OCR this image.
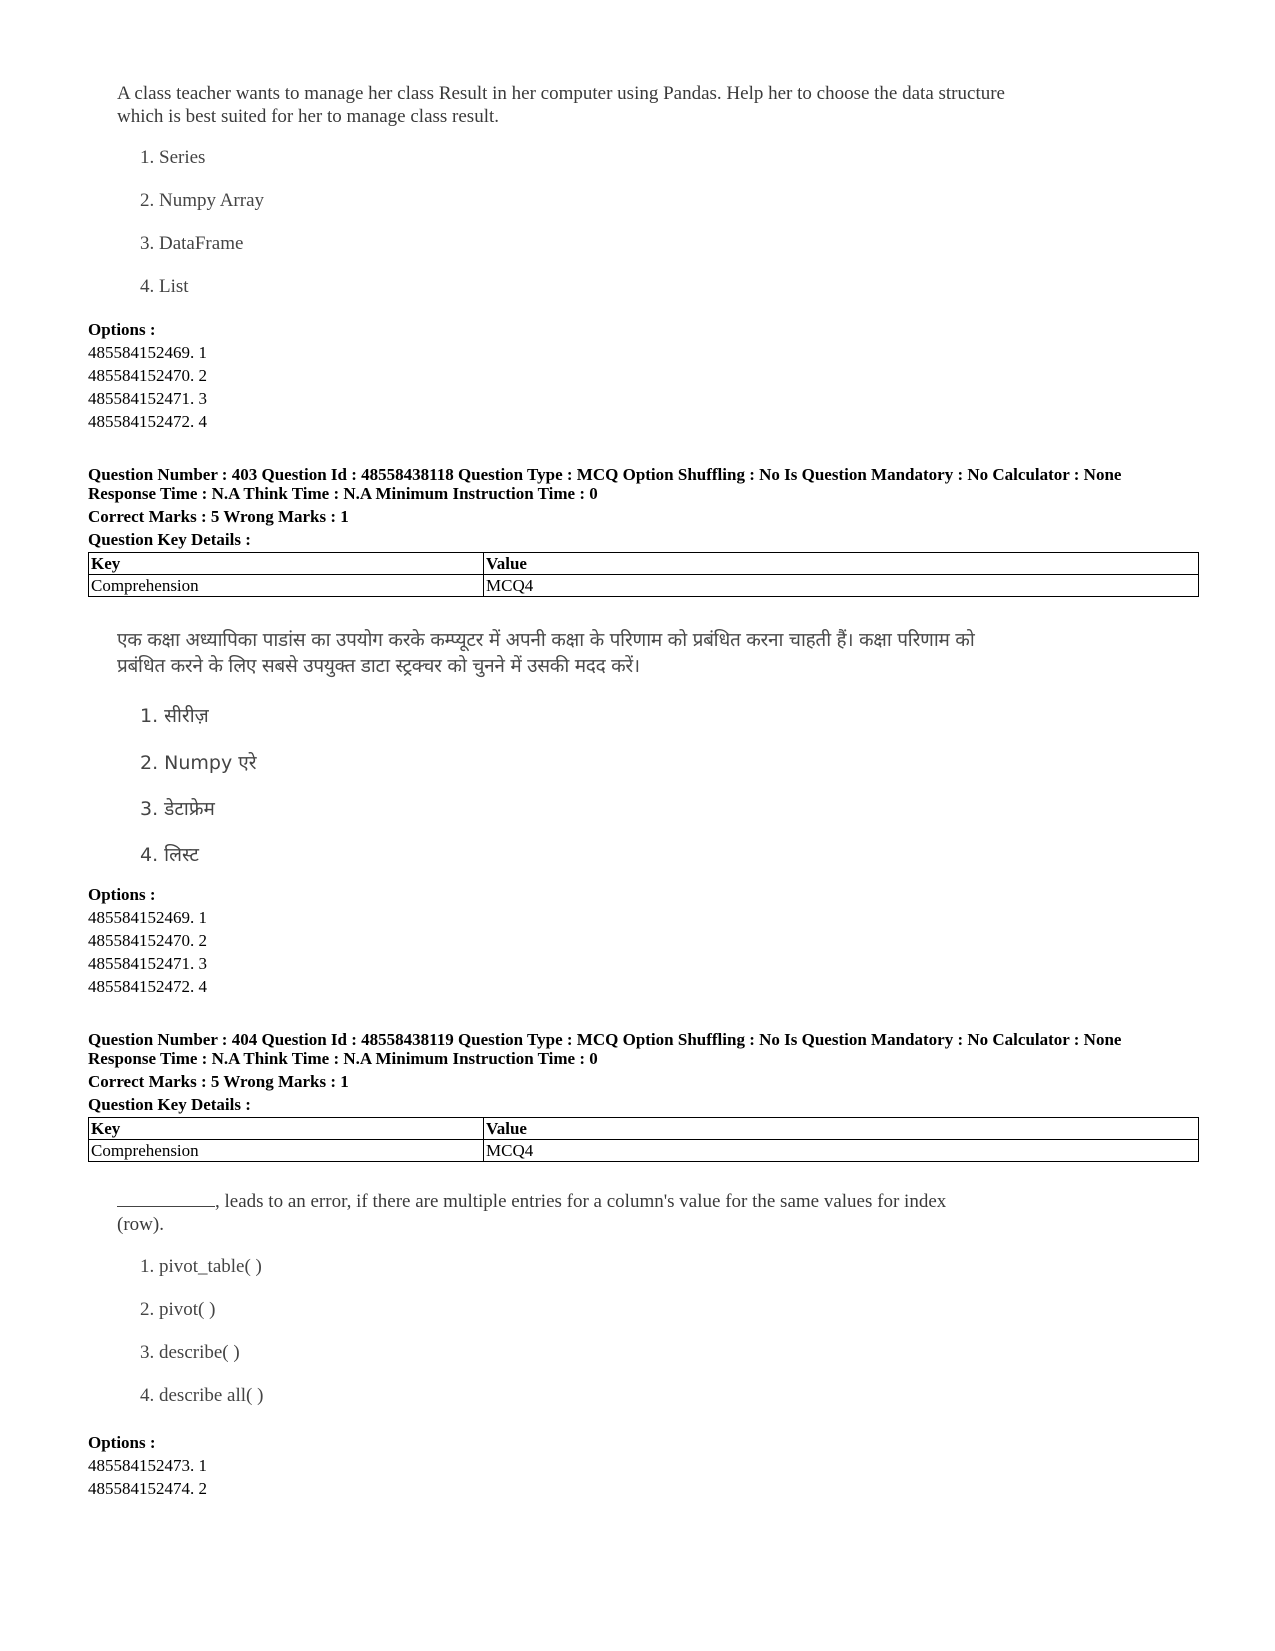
A class teacher wants to manage her class Result in her computer using Pandas. Help her to choose the data structure which is best suited for her to manage class result.
1. Series
2. Numpy Array
3. DataFrame
4. List
Options :
485584152469. 1
485584152470. 2
485584152471. 3
485584152472. 4
Question Number : 403 Question Id : 48558438118 Question Type : MCQ Option Shuffling : No Is Question Mandatory : No Calculator : None
Response Time : N.A Think Time : N.A Minimum Instruction Time : 0
Correct Marks : 5 Wrong Marks : 1
Question Key Details :
Key	Value
Comprehension	MCQ4
एक कक्षा अध्यापिका पाडांस का उपयोग करके कम्प्यूटर में अपनी कक्षा के परिणाम को प्रबंधित करना चाहती हैं। कक्षा परिणाम को प्रबंधित करने के लिए सबसे उपयुक्त डाटा स्ट्रक्चर को चुनने में उसकी मदद करें।
1. सीरीज़
2. Numpy एरे
3. डेटाफ्रेम
4. लिस्ट
Options :
485584152469. 1
485584152470. 2
485584152471. 3
485584152472. 4
Question Number : 404 Question Id : 48558438119 Question Type : MCQ Option Shuffling : No Is Question Mandatory : No Calculator : None
Response Time : N.A Think Time : N.A Minimum Instruction Time : 0
Correct Marks : 5 Wrong Marks : 1
Question Key Details :
Key	Value
Comprehension	MCQ4
, leads to an error, if there are multiple entries for a column's value for the same values for index (row).
1. pivot_table( )
2. pivot( )
3. describe( )
4. describe all( )
Options :
485584152473. 1
485584152474. 2
